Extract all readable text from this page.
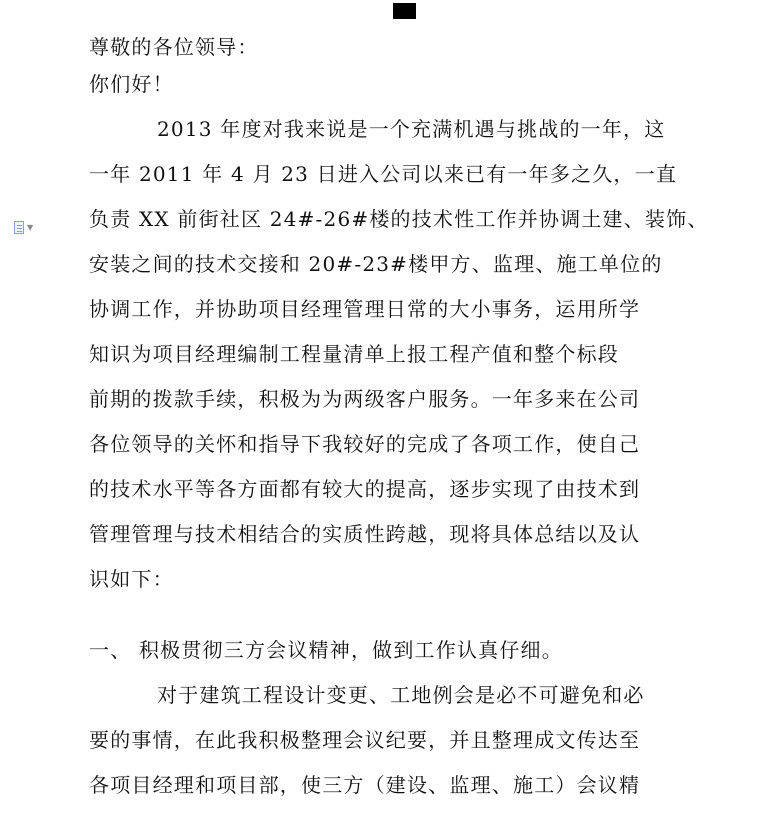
▼
尊敬的各位领导：
你们好！
2013 年度对我来说是一个充满机遇与挑战的一年，这
一年 2011 年 4 月 23 日进入公司以来已有一年多之久，一直
负责 XX 前街社区 24#-26#楼的技术性工作并协调土建、装饰、
安装之间的技术交接和 20#-23#楼甲方、监理、施工单位的
协调工作，并协助项目经理管理日常的大小事务，运用所学
知识为项目经理编制工程量清单上报工程产值和整个标段
前期的拨款手续，积极为为两级客户服务。一年多来在公司
各位领导的关怀和指导下我较好的完成了各项工作，使自己
的技术水平等各方面都有较大的提高，逐步实现了由技术到
管理管理与技术相结合的实质性跨越，现将具体总结以及认
识如下：
一、 积极贯彻三方会议精神，做到工作认真仔细。
对于建筑工程设计变更、工地例会是必不可避免和必
要的事情，在此我积极整理会议纪要，并且整理成文传达至
各项目经理和项目部，使三方（建设、监理、施工）会议精
